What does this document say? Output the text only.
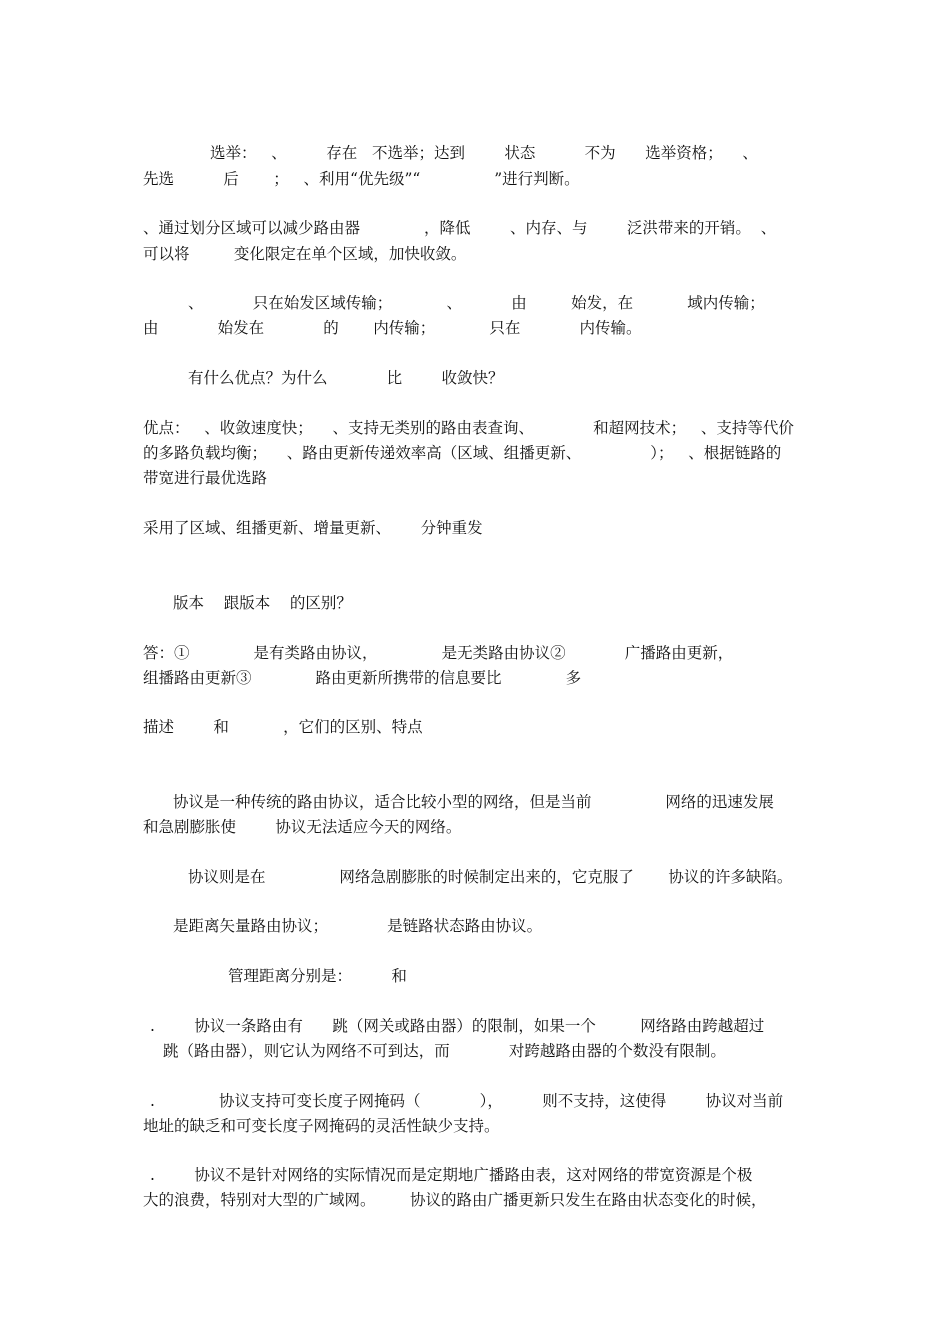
选举：   、        存在   不选举；达到        状态          不为      选举资格；    、
先选          后       ；   、利用“优先级”“               ”进行判断。
、通过划分区域可以减少路由器             ，降低        、内存、与        泛洪带来的开销。  、
可以将         变化限定在单个区域，加快收敛。
、          只在始发区域传输；           、          由         始发，在           域内传输；
由            始发在            的       内传输；           只在            内传输。
有什么优点？为什么            比        收敛快？
优点：   、收敛速度快；    、支持无类别的路由表查询、            和超网技术；   、支持等代价
的多路负载均衡；    、路由更新传递效率高（区域、组播更新、              ）；   、根据链路的
带宽进行最优选路
采用了区域、组播更新、增量更新、      分钟重发
版本    跟版本    的区别？
答：①             是有类路由协议，             是无类路由协议②            广播路由更新，
组播路由更新③             路由更新所携带的信息要比             多
描述        和           ，它们的区别、特点
协议是一种传统的路由协议，适合比较小型的网络，但是当前               网络的迅速发展
和急剧膨胀使        协议无法适应今天的网络。
协议则是在               网络急剧膨胀的时候制定出来的，它克服了       协议的许多缺陷。
是距离矢量路由协议；            是链路状态路由协议。
管理距离分别是：        和
.        协议一条路由有      跳（网关或路由器）的限制，如果一个         网络路由跨越超过
跳（路由器），则它认为网络不可到达，而            对跨越路由器的个数没有限制。
.             协议支持可变长度子网掩码（            ），        则不支持，这使得        协议对当前
地址的缺乏和可变长度子网掩码的灵活性缺少支持。
.        协议不是针对网络的实际情况而是定期地广播路由表，这对网络的带宽资源是个极
大的浪费，特别对大型的广域网。       协议的路由广播更新只发生在路由状态变化的时候，
